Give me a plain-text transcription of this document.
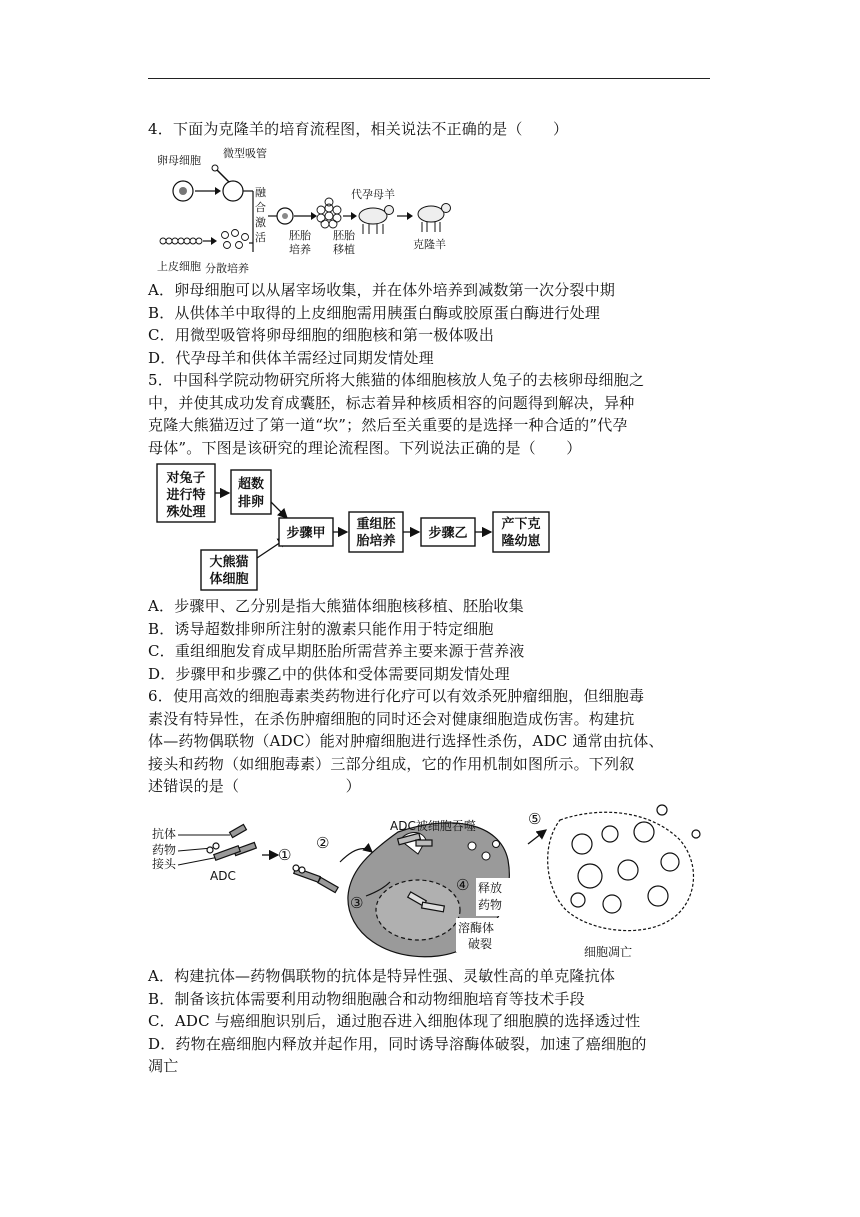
4．下面为克隆羊的培育流程图，相关说法不正确的是（　　）

卵母细胞
微型吸管
融
合
激
活 胚胎
培养
胚胎
移植
代孕母羊
克隆羊
上皮细胞 分散培养

A．卵母细胞可以从屠宰场收集，并在体外培养到减数第一次分裂中期

B．从供体羊中取得的上皮细胞需用胰蛋白酶或胶原蛋白酶进行处理

C．用微型吸管将卵母细胞的细胞核和第一极体吸出

D．代孕母羊和供体羊需经过同期发情处理

5．中国科学院动物研究所将大熊猫的体细胞核放人兔子的去核卵母细胞之

中，并使其成功发育成囊胚，标志着异种核质相容的问题得到解决，异种

克隆大熊猫迈过了第一道“坎”；然后至关重要的是选择一种合适的”代孕

母体”。下图是该研究的理论流程图。下列说法正确的是（　　）

对兔子
进行特
殊处理
超数
排卵
大熊猫
体细胞
步骤甲
重组胚
胎培养
步骤乙
产下克
隆幼崽

A．步骤甲、乙分别是指大熊猫体细胞核移植、胚胎收集

B．诱导超数排卵所注射的激素只能作用于特定细胞

C．重组细胞发育成早期胚胎所需营养主要来源于营养液

D．步骤甲和步骤乙中的供体和受体需要同期发情处理

6．使用高效的细胞毒素类药物进行化疗可以有效杀死肿瘤细胞，但细胞毒

素没有特异性，在杀伤肿瘤细胞的同时还会对健康细胞造成伤害。构建抗

体—药物偶联物（ADC）能对肿瘤细胞进行选择性杀伤，ADC 通常由抗体、

接头和药物（如细胞毒素）三部分组成，它的作用机制如图所示。下列叙

述错误的是（　　　　　　　）

抗体
药物
接头
ADC
①
②
ADC被细胞吞噬
③
④ 释放
药物
溶酶体
破裂
⑤
细胞凋亡

A．构建抗体—药物偶联物的抗体是特异性强、灵敏性高的单克隆抗体

B．制备该抗体需要利用动物细胞融合和动物细胞培育等技术手段

C．ADC 与癌细胞识别后，通过胞吞进入细胞体现了细胞膜的选择透过性

D．药物在癌细胞内释放并起作用，同时诱导溶酶体破裂，加速了癌细胞的

凋亡
